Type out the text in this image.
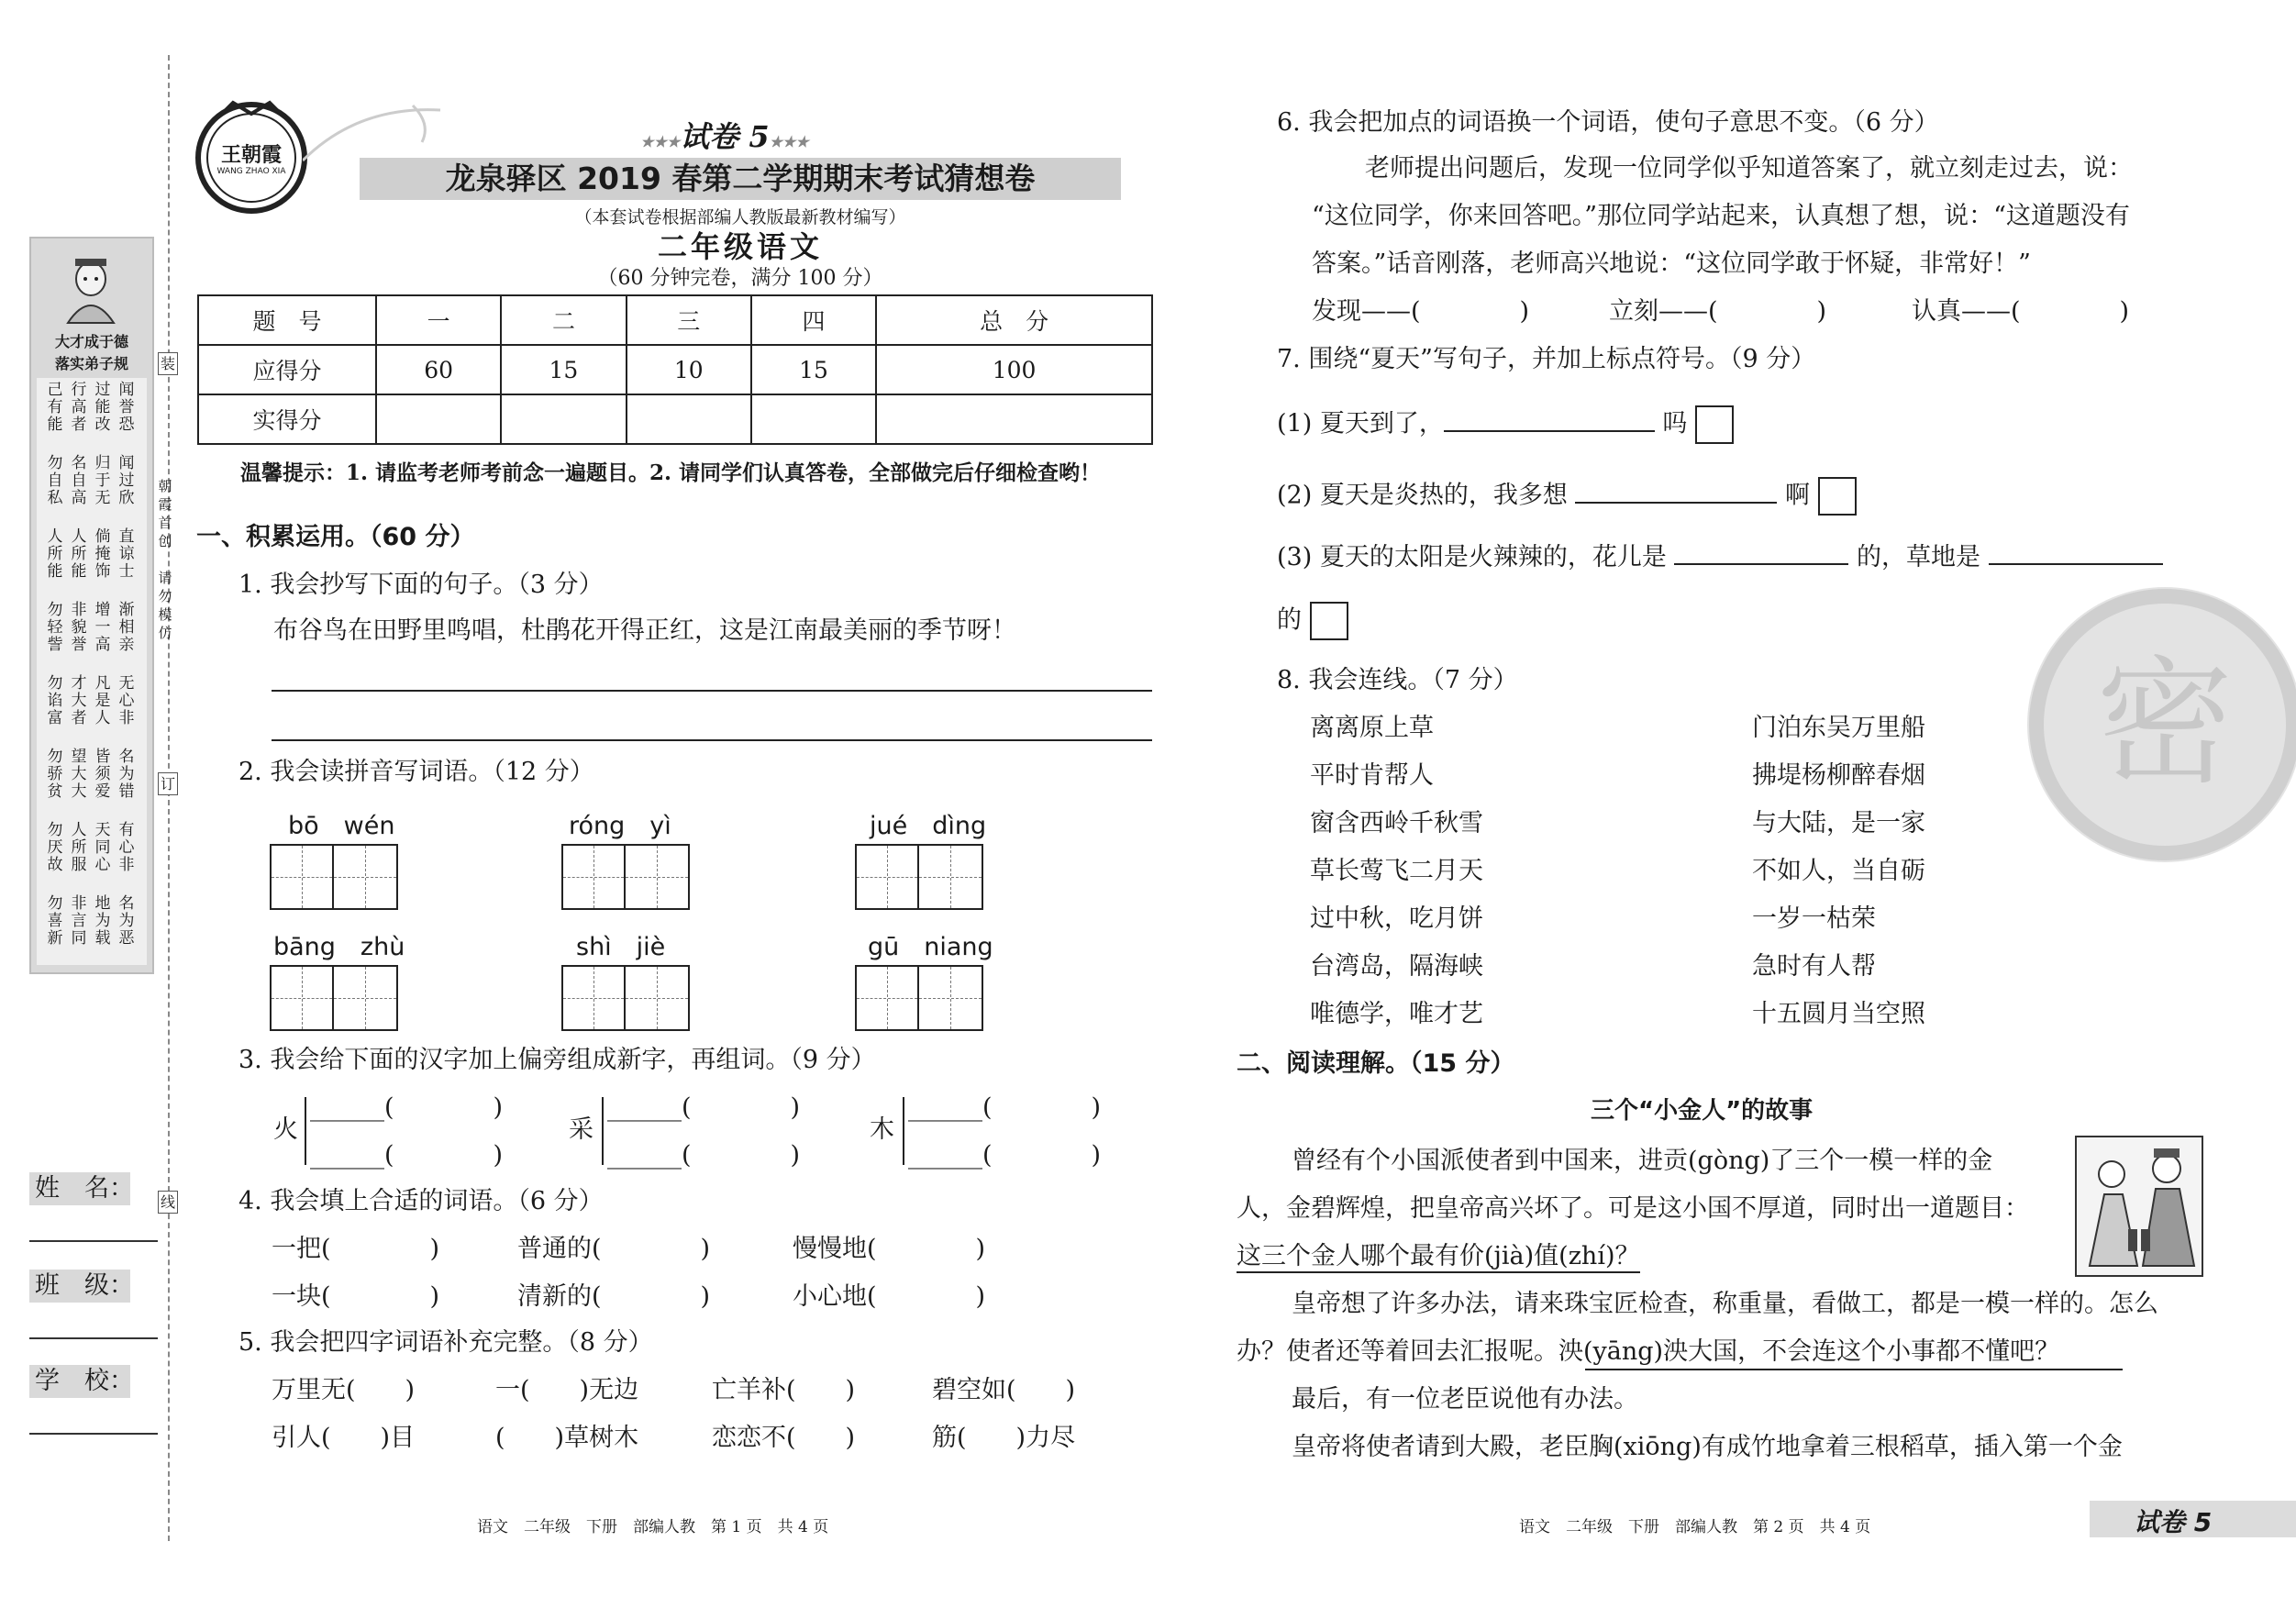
大才成于德
落实弟子规
己
有
能
行
高
者
过
能
改
闻
誉
恐
勿
自
私
名
自
高
归
于
无
闻
过
欣
人
所
能
人
所
能
倘
掩
饰
直
谅
士
勿
轻
訾
非
貌
誉
增
一
高
渐
相
亲
勿
谄
富
才
大
者
凡
是
人
无
心
非
勿
骄
贫
望
大
大
皆
须
爱
名
为
错
勿
厌
故
人
所
服
天
同
心
有
心
非
勿
喜
新
非
言
同
地
为
载
名
为
恶
装
朝霞首创
请勿模仿
订
线
姓　名：
班　级：
学　校：
王朝霞
WANG ZHAO XIA
★★★试卷 5★★★
龙泉驿区 2019 春第二学期期末考试猜想卷
（本套试卷根据部编人教版最新教材编写）
二年级语文
（60 分钟完卷，满分 100 分）
题　号	一	二	三	四	总　分
应得分	60	15	10	15	100
实得分					
温馨提示：1. 请监考老师考前念一遍题目。2. 请同学们认真答卷，全部做完后仔细检查哟！
一、积累运用。（60 分）
1. 我会抄写下面的句子。（3 分）
布谷鸟在田野里鸣唱，杜鹃花开得正红，这是江南最美丽的季节呀！
2. 我会读拼音写词语。（12 分）
bō　wén	róng　yì	jué　dìng
bāng　zhù	shì　jiè	gū　niang
3. 我会给下面的汉字加上偏旁组成新字，再组词。（9 分）
火
______(　　　　)
______(　　　　)
采
______(　　　　)
______(　　　　)
木
______(　　　　)
______(　　　　)
4. 我会填上合适的词语。（6 分）
一把(　　　　)	普通的(　　　　)	慢慢地(　　　　)
一块(　　　　)	清新的(　　　　)	小心地(　　　　)
5. 我会把四字词语补充完整。（8 分）
万里无(　　)	一(　　)无边	亡羊补(　　)	碧空如(　　)
引人(　　)目	(　　)草树木	恋恋不(　　)	筋(　　)力尽
语文　二年级　下册　部编人教　第 1 页　共 4 页
密
6. 我会把加点的词语换一个词语，使句子意思不变。（6 分）
老师提出问题后，发现一位同学似乎知道答案了，就立刻走过去，说：
“这位同学，你来回答吧。”那位同学站起来，认真想了想，说：“这道题没有
答案。”话音刚落，老师高兴地说：“这位同学敢于怀疑，非常好！”
发现——(　　　　)	立刻——(　　　　)	认真——(　　　　)
7. 围绕“夏天”写句子，并加上标点符号。（9 分）
(1) 夏天到了，	吗
(2) 夏天是炎热的，我多想	啊
(3) 夏天的太阳是火辣辣的，花儿是	的，草地是
的
8. 我会连线。（7 分）
离离原上草
平时肯帮人
窗含西岭千秋雪
草长莺飞二月天
过中秋，吃月饼
台湾岛，隔海峡
唯德学，唯才艺
门泊东吴万里船
拂堤杨柳醉春烟
与大陆，是一家
不如人，当自砺
一岁一枯荣
急时有人帮
十五圆月当空照
二、阅读理解。（15 分）
三个“小金人”的故事
曾经有个小国派使者到中国来，进贡(gòng)了三个一模一样的金
人，金碧辉煌，把皇帝高兴坏了。可是这小国不厚道，同时出一道题目：
这三个金人哪个最有价(jià)值(zhí)？
皇帝想了许多办法，请来珠宝匠检查，称重量，看做工，都是一模一样的。怎么
办？使者还等着回去汇报呢。泱(yāng)泱大国，不会连这个小事都不懂吧？
最后，有一位老臣说他有办法。
皇帝将使者请到大殿，老臣胸(xiōng)有成竹地拿着三根稻草，插入第一个金
语文　二年级　下册　部编人教　第 2 页　共 4 页	试卷 5
